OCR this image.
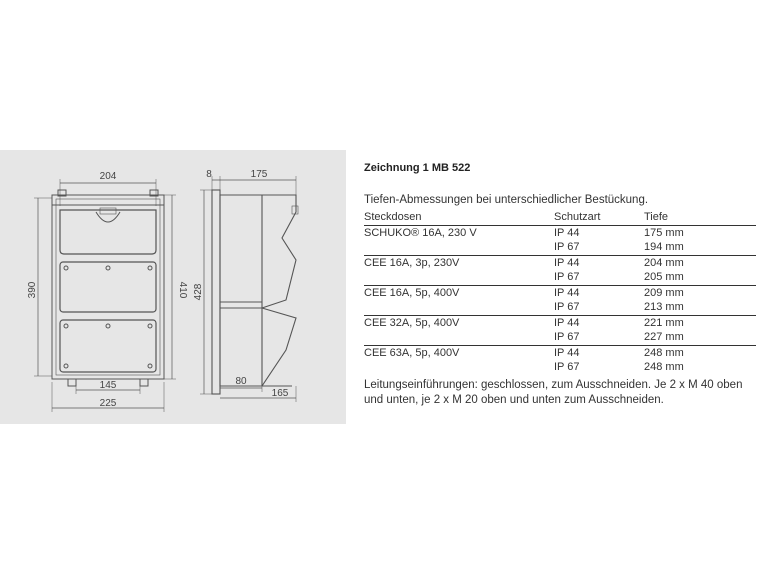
204
390	410
145
225
8	175
428
80
165

Zeichnung 1 MB 522

Tiefen-Abmessungen bei unterschiedlicher Bestückung.

Steckdosen	Schutzart	Tiefe
SCHUKO® 16A, 230 V	IP 44	175 mm
	IP 67	194 mm
CEE 16A, 3p, 230V	IP 44	204 mm
	IP 67	205 mm
CEE 16A, 5p, 400V	IP 44	209 mm
	IP 67	213 mm
CEE 32A, 5p, 400V	IP 44	221 mm
	IP 67	227 mm
CEE 63A, 5p, 400V	IP 44	248 mm
	IP 67	248 mm

Leitungseinführungen: geschlossen, zum Ausschneiden. Je 2 x M 40 oben und unten, je 2 x M 20 oben und unten zum Ausschneiden.
